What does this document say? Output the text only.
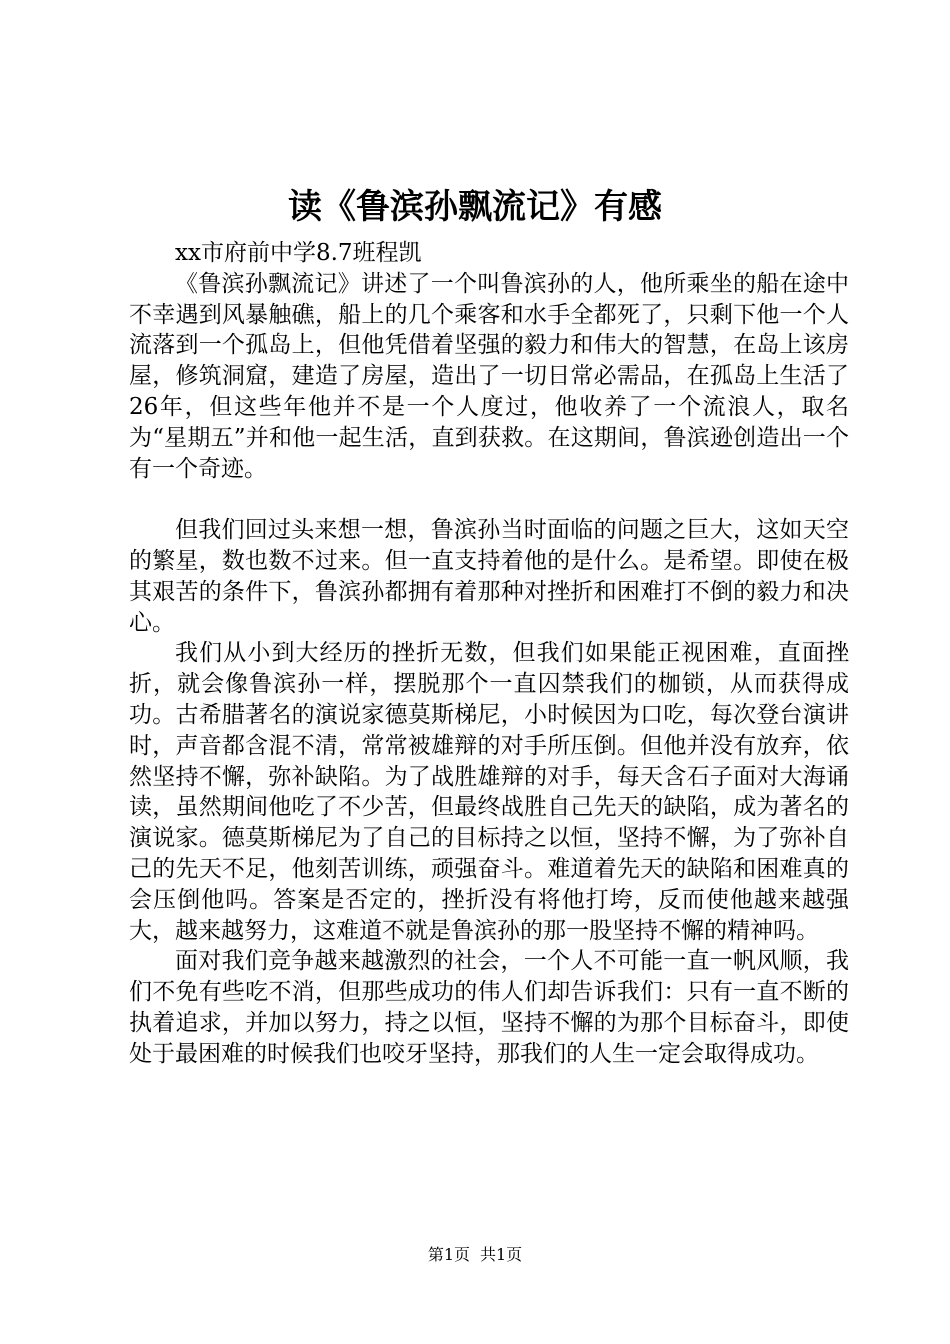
读《鲁滨孙飘流记》有感

xx市府前中学8.7班程凯

《鲁滨孙飘流记》讲述了一个叫鲁滨孙的人，他所乘坐的船在途中不幸遇到风暴触礁，船上的几个乘客和水手全都死了，只剩下他一个人流落到一个孤岛上，但他凭借着坚强的毅力和伟大的智慧，在岛上该房屋，修筑洞窟，建造了房屋，造出了一切日常必需品，在孤岛上生活了26年，但这些年他并不是一个人度过，他收养了一个流浪人，取名为“星期五”并和他一起生活，直到获救。在这期间，鲁滨逊创造出一个有一个奇迹。

但我们回过头来想一想，鲁滨孙当时面临的问题之巨大，这如天空的繁星，数也数不过来。但一直支持着他的是什么。是希望。即使在极其艰苦的条件下，鲁滨孙都拥有着那种对挫折和困难打不倒的毅力和决心。

我们从小到大经历的挫折无数，但我们如果能正视困难，直面挫折，就会像鲁滨孙一样，摆脱那个一直囚禁我们的枷锁，从而获得成功。古希腊著名的演说家德莫斯梯尼，小时候因为口吃，每次登台演讲时，声音都含混不清，常常被雄辩的对手所压倒。但他并没有放弃，依然坚持不懈，弥补缺陷。为了战胜雄辩的对手，每天含石子面对大海诵读，虽然期间他吃了不少苦，但最终战胜自己先天的缺陷，成为著名的演说家。德莫斯梯尼为了自己的目标持之以恒，坚持不懈，为了弥补自己的先天不足，他刻苦训练，顽强奋斗。难道着先天的缺陷和困难真的会压倒他吗。答案是否定的，挫折没有将他打垮，反而使他越来越强大，越来越努力，这难道不就是鲁滨孙的那一股坚持不懈的精神吗。

面对我们竞争越来越激烈的社会，一个人不可能一直一帆风顺，我们不免有些吃不消，但那些成功的伟人们却告诉我们：只有一直不断的执着追求，并加以努力，持之以恒，坚持不懈的为那个目标奋斗，即使处于最困难的时候我们也咬牙坚持，那我们的人生一定会取得成功。

第1页 共1页
